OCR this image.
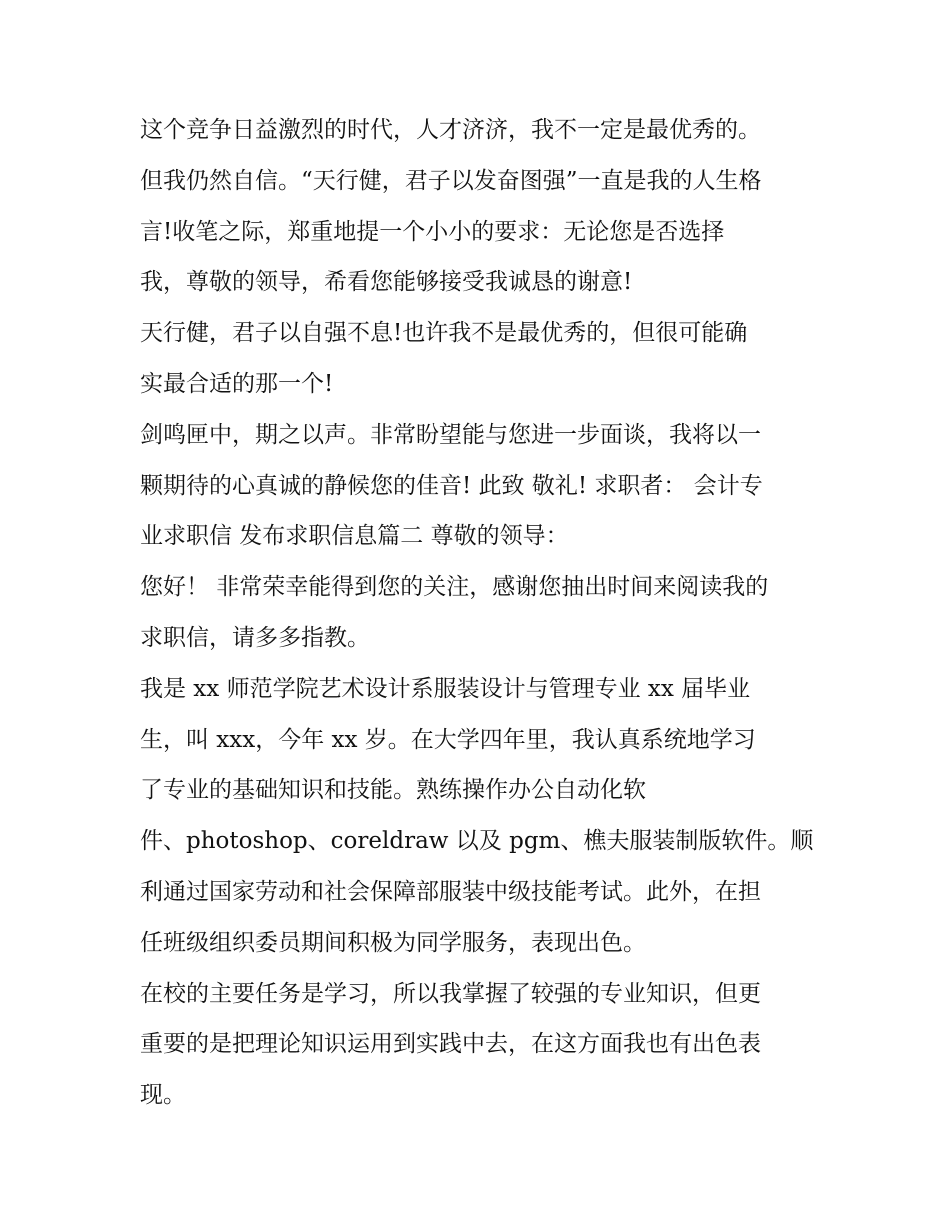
这个竞争日益激烈的时代，人才济济，我不一定是最优秀的。
但我仍然自信。“天行健，君子以发奋图强”一直是我的人生格
言!收笔之际，郑重地提一个小小的要求：无论您是否选择
我，尊敬的领导，希看您能够接受我诚恳的谢意!
天行健，君子以自强不息!也许我不是最优秀的，但很可能确
实最合适的那一个!
剑鸣匣中，期之以声。非常盼望能与您进一步面谈，我将以一
颗期待的心真诚的静候您的佳音! 此致 敬礼! 求职者： 会计专
业求职信 发布求职信息篇二 尊敬的领导：
您好！ 非常荣幸能得到您的关注，感谢您抽出时间来阅读我的
求职信，请多多指教。
我是 xx 师范学院艺术设计系服装设计与管理专业 xx 届毕业
生，叫 xxx，今年 xx 岁。在大学四年里，我认真系统地学习
了专业的基础知识和技能。熟练操作办公自动化软
件、photoshop、coreldraw 以及 pgm、樵夫服装制版软件。顺
利通过国家劳动和社会保障部服装中级技能考试。此外，在担
任班级组织委员期间积极为同学服务，表现出色。
在校的主要任务是学习，所以我掌握了较强的专业知识，但更
重要的是把理论知识运用到实践中去，在这方面我也有出色表
现。
